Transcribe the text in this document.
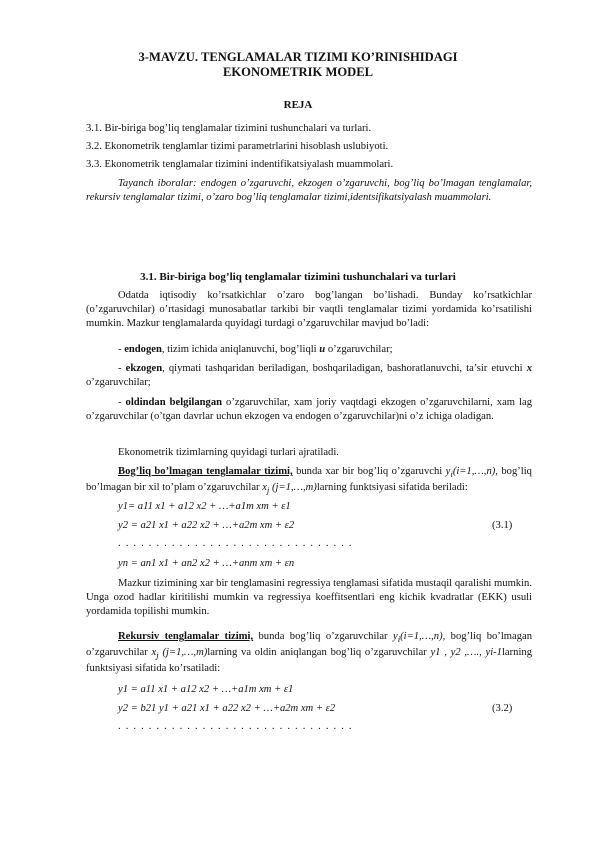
3-MAVZU. TENGLAMALAR TIZIMI KO’RINISHIDAGI
EKONOMETRIK MODEL
REJA
3.1. Bir-biriga bog’liq tenglamalar tizimini tushunchalari va turlari.
3.2. Ekonometrik tenglamlar tizimi parametrlarini hisoblash uslubiyoti.
3.3. Ekonometrik tenglamalar tizimini indentifikatsiyalash muammolari.

Tayanch iboralar: endogen o’zgaruvchi, ekzogen o’zgaruvchi, bog’liq bo’lmagan tenglamalar, rekursiv tenglamalar tizimi, o’zaro bog’liq tenglamalar tizimi,identsifikatsiyalash muammolari.

3.1. Bir-biriga bog’liq tenglamalar tizimini tushunchalari va turlari

Odatda iqtisodiy ko’rsatkichlar o’zaro bog’langan bo’lishadi. Bunday ko’rsatkichlar (o’zgaruvchilar) o’rtasidagi munosabatlar tarkibi bir vaqtli tenglamalar tizimi yordamida ko’rsatilishi mumkin. Mazkur tenglamalarda quyidagi turdagi o’zgaruvchilar mavjud bo’ladi:

- endogen, tizim ichida aniqlanuvchi, bog’liqli u o’zgaruvchilar;

- ekzogen, qiymati tashqaridan beriladigan, boshqariladigan, bashoratlanuvchi, ta’sir etuvchi x o’zgaruvchilar;

- oldindan belgilangan o’zgaruvchilar, xam joriy vaqtdagi ekzogen o’zgaruvchilarni, xam lag o’zgaruvchilar (o’tgan davrlar uchun ekzogen va endogen o’zgaruvchilar)ni o’z ichiga oladigan.

Ekonometrik tizimlarning quyidagi turlari ajratiladi.

Bog’liq bo’lmagan tenglamalar tizimi, bunda xar bir bog’liq o’zgaruvchi $y_i(i=1,\dots,n)$, bog’liq bo’lmagan bir xil to’plam o’zgaruvchilar $x_j$ (j=1,…,m)larning funktsiyasi sifatida beriladi:

y1= a11 x1 + a12 x2 + …+a1m xm + ε1
y2 = a21 x1 + a22 x2 + …+a2m xm + ε2	(3.1)
. . . . . . . . . . . . . . . . . . . . . . . . . . . . . . .
yn = an1 x1 + an2 x2 + …+anm xm + εn

Mazkur tizimining xar bir tenglamasini regressiya tenglamasi sifatida mustaqil qaralishi mumkin. Unga ozod hadlar kiritilishi mumkin va regressiya koeffitsentlari eng kichik kvadratlar (EKK) usuli yordamida topilishi mumkin.

Rekursiv tenglamalar tizimi, bunda bog’liq o’zgaruvchilar $y_i(i=1,\dots,n)$, bog’liq bo’lmagan o’zgaruvchilar $x_j$ (j=1,…,m)larning va oldin aniqlangan bog’liq o’zgaruvchilar y1 , y2 ,…., yi-1larning funktsiyasi sifatida ko’rsatiladi:

y1 = a11 x1 + a12 x2 + …+a1m xm + ε1
y2 = b21 y1 + a21 x1 + a22 x2 + …+a2m xm + ε2	(3.2)
. . . . . . . . . . . . . . . . . . . . . . . . . . . . . . .
